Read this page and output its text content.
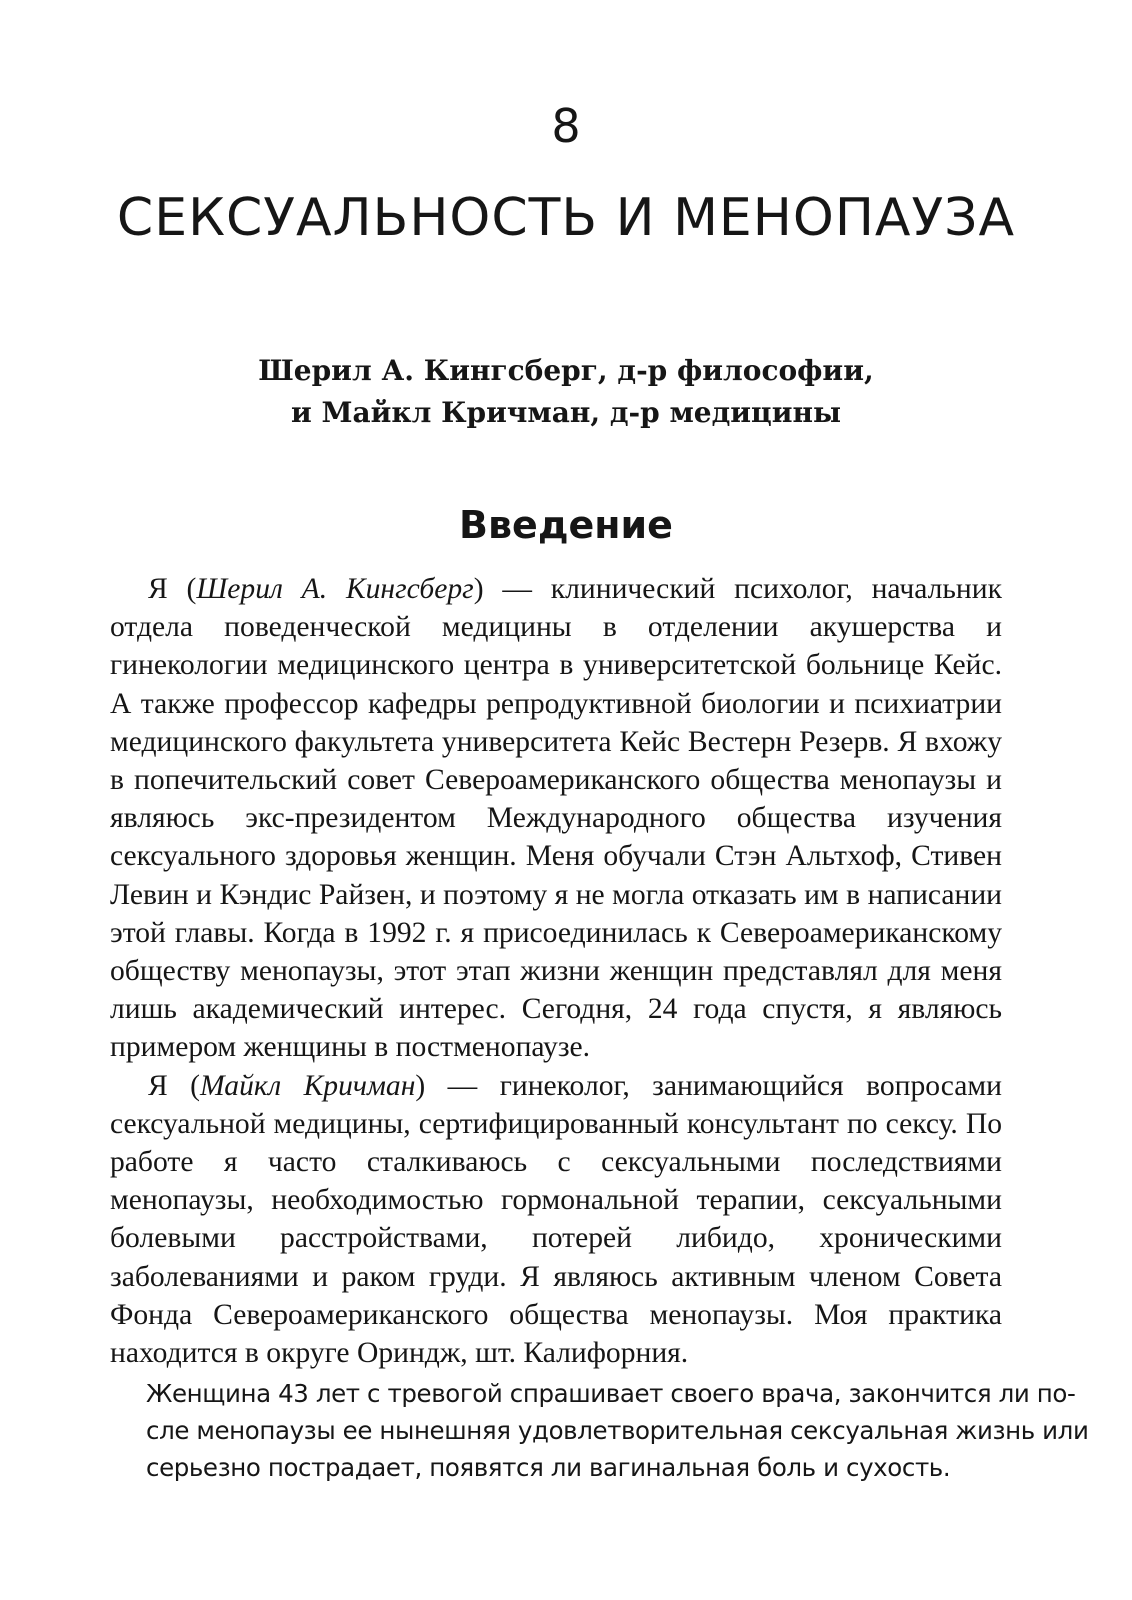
8
СЕКСУАЛЬНОСТЬ И МЕНОПАУЗА
Шерил А. Кингсберг, д-р философии,
и Майкл Кричман, д-р медицины
Введение

Я (Шерил А. Кингсберг) — клинический психолог, начальник отдела поведенческой медицины в отделении акушерства и гинекологии медицинского центра в университетской больнице Кейс. А также профессор кафедры репродуктивной биологии и психиатрии медицинского факультета университета Кейс Вестерн Резерв. Я вхожу в попечительский совет Североамериканского общества менопаузы и являюсь экс-президентом Международного общества изучения сексуального здоровья женщин. Меня обучали Стэн Альтхоф, Стивен Левин и Кэндис Райзен, и поэтому я не могла отказать им в написании этой главы. Когда в 1992 г. я присоединилась к Североамериканскому обществу менопаузы, этот этап жизни женщин представлял для меня лишь академический интерес. Сегодня, 24 года спустя, я являюсь примером женщины в постменопаузе.

Я (Майкл Кричман) — гинеколог, занимающийся вопросами сексуальной медицины, сертифицированный консультант по сексу. По работе я часто сталкиваюсь с сексуальными последствиями менопаузы, необходимостью гормональной терапии, сексуальными болевыми расстройствами, потерей либидо, хроническими заболеваниями и раком груди. Я являюсь активным членом Совета Фонда Североамериканского общества менопаузы. Моя практика находится в округе Ориндж, шт. Калифорния.

Женщина 43 лет с тревогой спрашивает своего врача, закончится ли по-
сле менопаузы ее нынешняя удовлетворительная сексуальная жизнь или
серьезно пострадает, появятся ли вагинальная боль и сухость.
